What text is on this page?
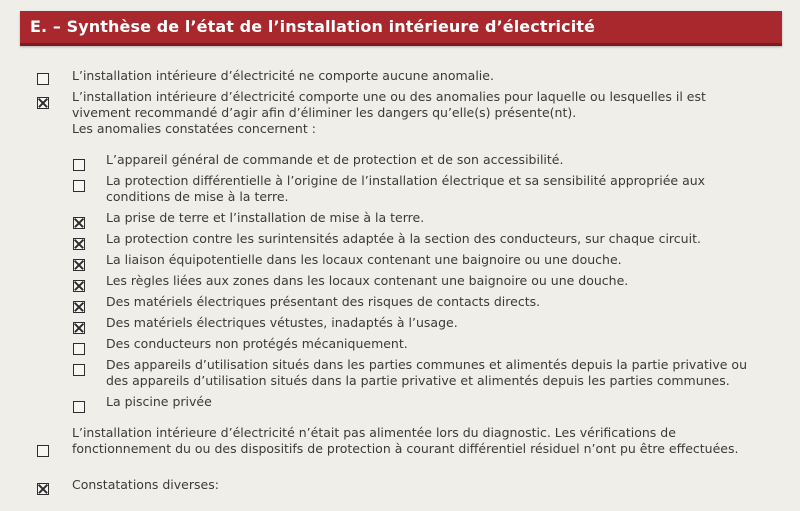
E. – Synthèse de l’état de l’installation intérieure d’électricité
L’installation intérieure d’électricité ne comporte aucune anomalie.
L’installation intérieure d’électricité comporte une ou des anomalies pour laquelle ou lesquelles il est
vivement recommandé d’agir afin d’éliminer les dangers qu’elle(s) présente(nt).
Les anomalies constatées concernent :
L’appareil général de commande et de protection et de son accessibilité.
La protection différentielle à l’origine de l’installation électrique et sa sensibilité appropriée aux
conditions de mise à la terre.
La prise de terre et l’installation de mise à la terre.
La protection contre les surintensités adaptée à la section des conducteurs, sur chaque circuit.
La liaison équipotentielle dans les locaux contenant une baignoire ou une douche.
Les règles liées aux zones dans les locaux contenant une baignoire ou une douche.
Des matériels électriques présentant des risques de contacts directs.
Des matériels électriques vétustes, inadaptés à l’usage.
Des conducteurs non protégés mécaniquement.
Des appareils d’utilisation situés dans les parties communes et alimentés depuis la partie privative ou
des appareils d’utilisation situés dans la partie privative et alimentés depuis les parties communes.
La piscine privée
L’installation intérieure d’électricité n’était pas alimentée lors du diagnostic. Les vérifications de
fonctionnement du ou des dispositifs de protection à courant différentiel résiduel n’ont pu être effectuées.
Constatations diverses:
